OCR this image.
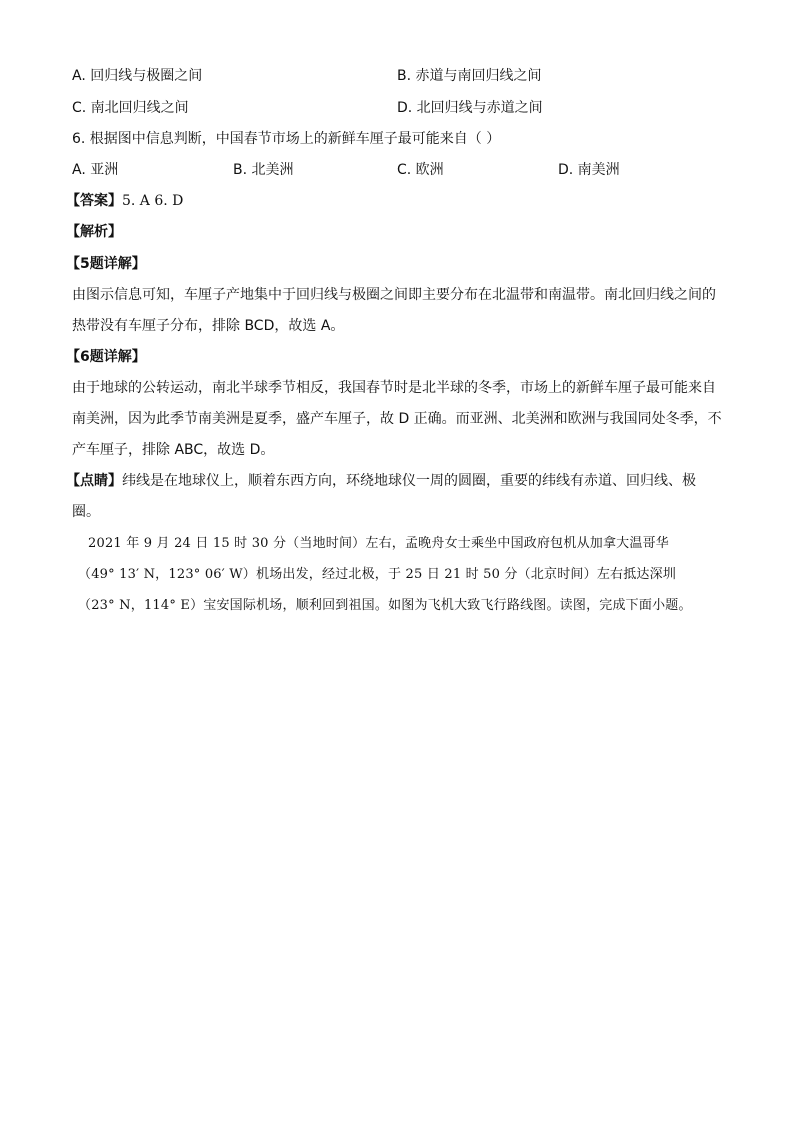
A. 回归线与极圈之间	B. 赤道与南回归线之间
C. 南北回归线之间	D. 北回归线与赤道之间
6. 根据图中信息判断，中国春节市场上的新鲜车厘子最可能来自（ ）
A. 亚洲	B. 北美洲	C. 欧洲	D. 南美洲
【答案】5. A 6. D
【解析】
【5题详解】
由图示信息可知，车厘子产地集中于回归线与极圈之间即主要分布在北温带和南温带。南北回归线之间的
热带没有车厘子分布，排除 BCD，故选 A。
【6题详解】
由于地球的公转运动，南北半球季节相反，我国春节时是北半球的冬季，市场上的新鲜车厘子最可能来自
南美洲，因为此季节南美洲是夏季，盛产车厘子，故 D 正确。而亚洲、北美洲和欧洲与我国同处冬季，不
产车厘子，排除 ABC，故选 D。
【点睛】纬线是在地球仪上，顺着东西方向，环绕地球仪一周的圆圈，重要的纬线有赤道、回归线、极
圈。
2021 年 9 月 24 日 15 时 30 分（当地时间）左右，孟晚舟女士乘坐中国政府包机从加拿大温哥华
（49° 13′ N，123° 06′ W）机场出发，经过北极，于 25 日 21 时 50 分（北京时间）左右抵达深圳
（23° N，114° E）宝安国际机场，顺利回到祖国。如图为飞机大致飞行路线图。读图，完成下面小题。
